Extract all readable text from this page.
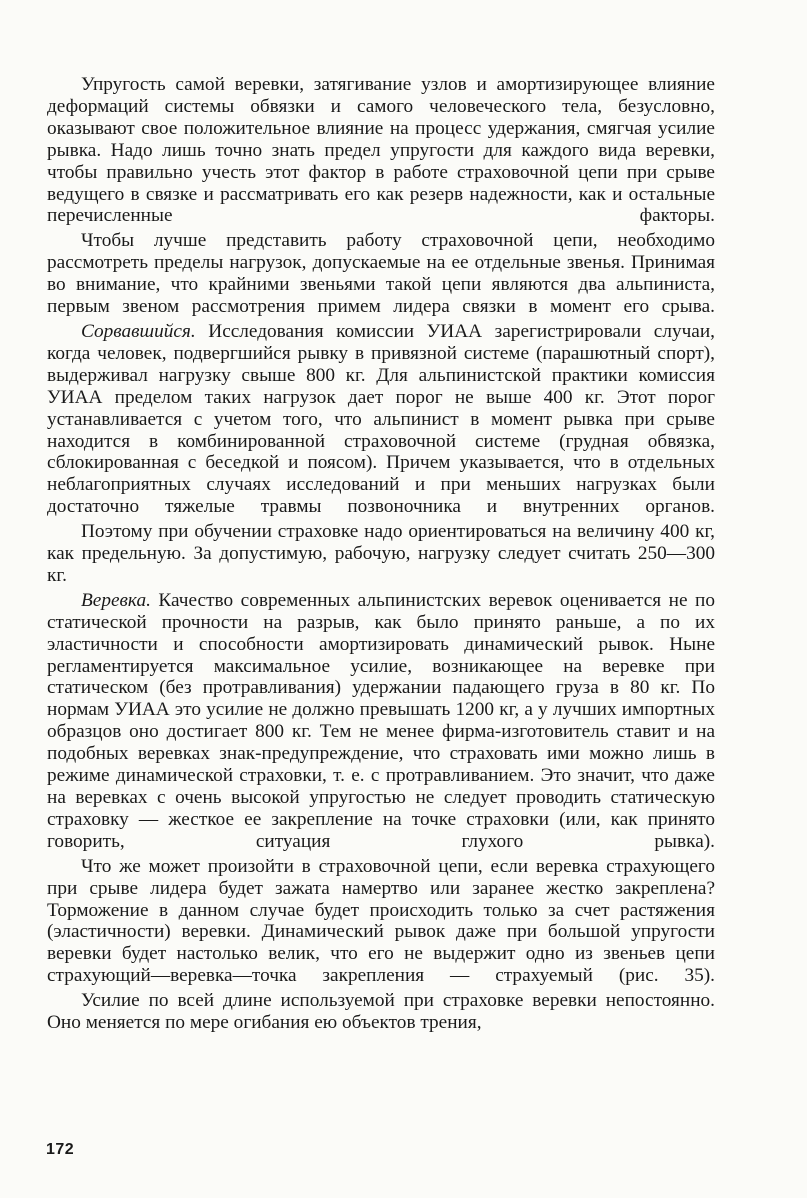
Упругость самой веревки, затягивание узлов и амортизирующее влияние деформаций системы обвязки и самого человеческого тела, безусловно, оказывают свое положительное влияние на процесс удержания, смягчая усилие рывка. Надо лишь точно знать предел упругости для каждого вида веревки, чтобы правильно учесть этот фактор в работе страховочной цепи при срыве ведущего в связке и рассматривать его как резерв надежности, как и остальные перечисленные факторы.

Чтобы лучше представить работу страховочной цепи, необходимо рассмотреть пределы нагрузок, допускаемые на ее отдельные звенья. Принимая во внимание, что крайними звеньями такой цепи являются два альпиниста, первым звеном рассмотрения примем лидера связки в момент его срыва.

Сорвавшийся. Исследования комиссии УИАА зарегистрировали случаи, когда человек, подвергшийся рывку в привязной системе (парашютный спорт), выдерживал нагрузку свыше 800 кг. Для альпинистской практики комиссия УИАА пределом таких нагрузок дает порог не выше 400 кг. Этот порог устанавливается с учетом того, что альпинист в момент рывка при срыве находится в комбинированной страховочной системе (грудная обвязка, сблокированная с беседкой и поясом). Причем указывается, что в отдельных неблагоприятных случаях исследований и при меньших нагрузках были достаточно тяжелые травмы позвоночника и внутренних органов.

Поэтому при обучении страховке надо ориентироваться на величину 400 кг, как предельную. За допустимую, рабочую, нагрузку следует считать 250—300 кг.

Веревка. Качество современных альпинистских веревок оценивается не по статической прочности на разрыв, как было принято раньше, а по их эластичности и способности амортизировать динамический рывок. Ныне регламентируется максимальное усилие, возникающее на веревке при статическом (без протравливания) удержании падающего груза в 80 кг. По нормам УИАА это усилие не должно превышать 1200 кг, а у лучших импортных образцов оно достигает 800 кг. Тем не менее фирма-изготовитель ставит и на подобных веревках знак-предупреждение, что страховать ими можно лишь в режиме динамической страховки, т. е. с протравливанием. Это значит, что даже на веревках с очень высокой упругостью не следует проводить статическую страховку — жесткое ее закрепление на точке страховки (или, как принято говорить, ситуация глухого рывка).

Что же может произойти в страховочной цепи, если веревка страхующего при срыве лидера будет зажата намертво или заранее жестко закреплена? Торможение в данном случае будет происходить только за счет растяжения (эластичности) веревки. Динамический рывок даже при большой упругости веревки будет настолько велик, что его не выдержит одно из звеньев цепи страхующий—веревка—точка закрепления — страхуемый (рис. 35).

Усилие по всей длине используемой при страховке веревки непостоянно. Оно меняется по мере огибания ею объектов трения,

172
